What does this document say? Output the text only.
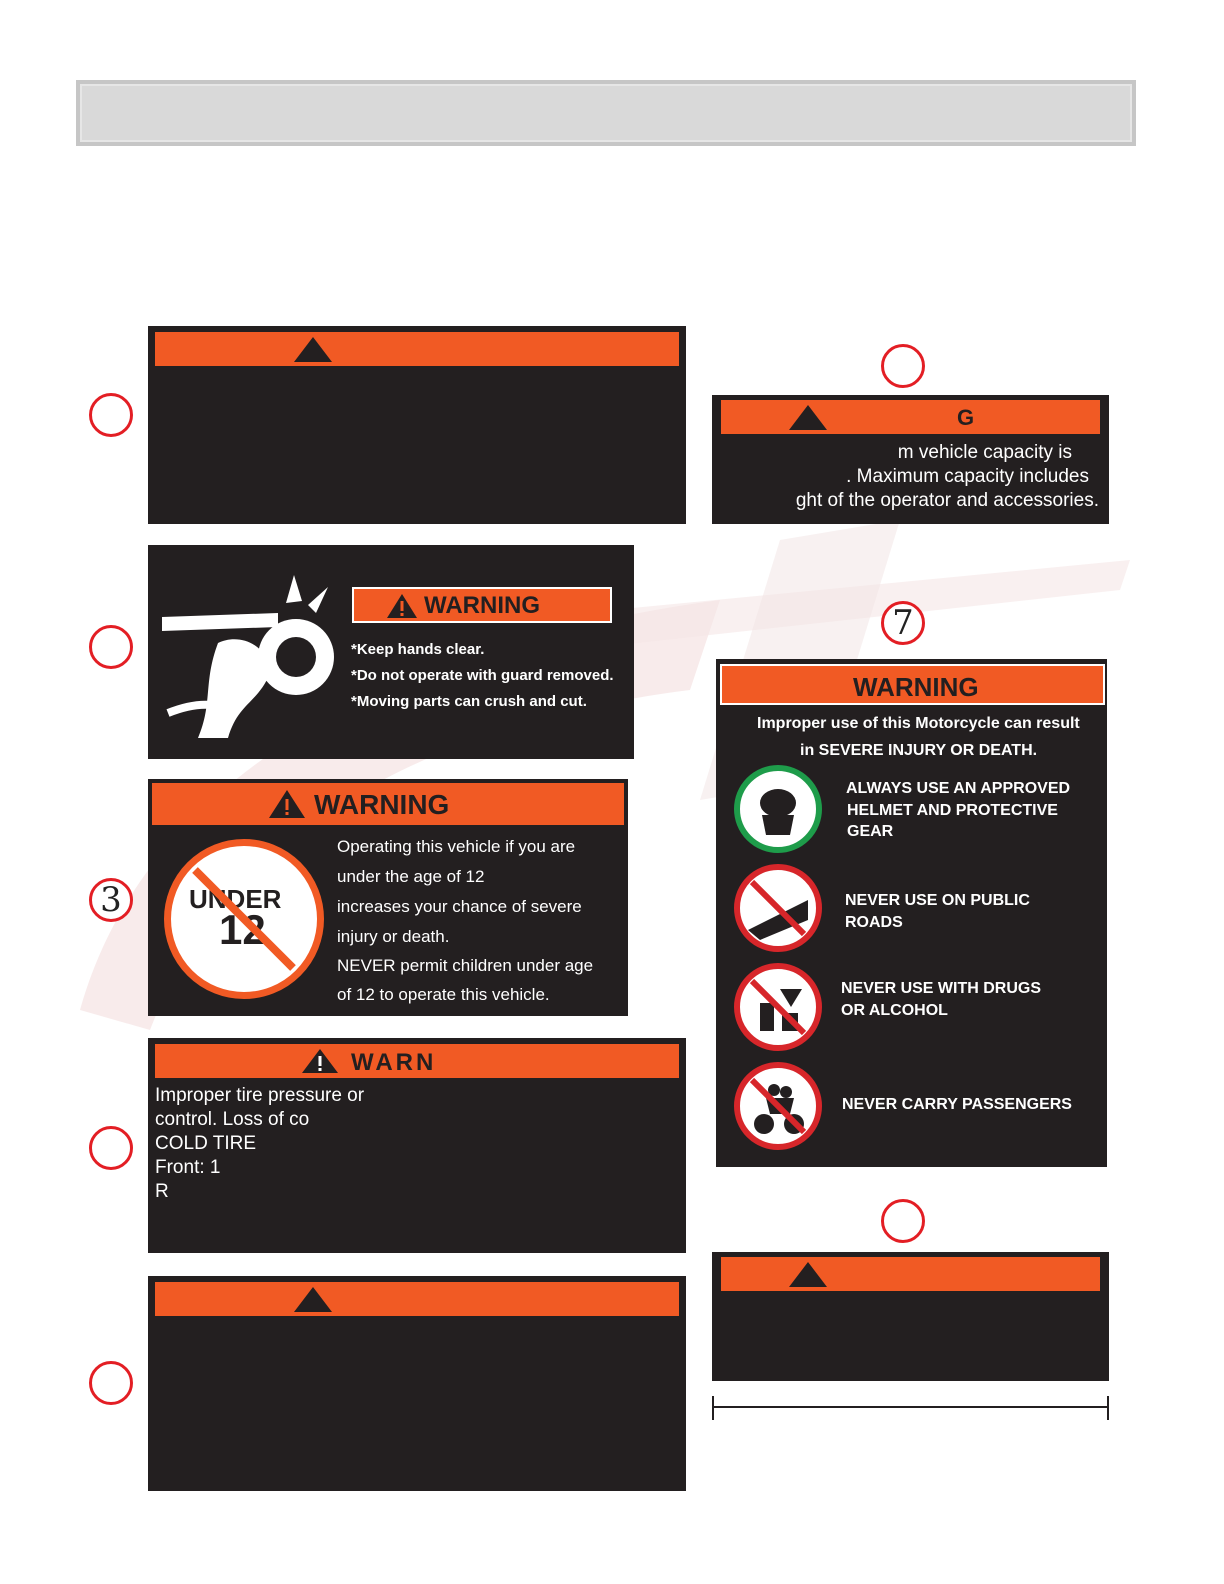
WARNING
*Keep hands clear.
*Do not operate with guard removed.
*Moving parts can crush and cut.
3
WARNING
UNDER
12
Operating this vehicle if you are
under the age of 12
increases your chance of severe
injury or death.
NEVER permit children under age
of 12 to operate this vehicle.
WARN
Improper tire pressure or
control. Loss of co
COLD TIRE
Front: 1
R
G
m vehicle capacity is
. Maximum capacity includes
ght of the operator and accessories.
7
WARNING
Improper use of this Motorcycle can result
in SEVERE INJURY OR DEATH.
ALWAYS USE AN APPROVED
HELMET AND PROTECTIVE
GEAR
NEVER USE ON PUBLIC
ROADS
NEVER USE WITH DRUGS
OR ALCOHOL
NEVER CARRY PASSENGERS
